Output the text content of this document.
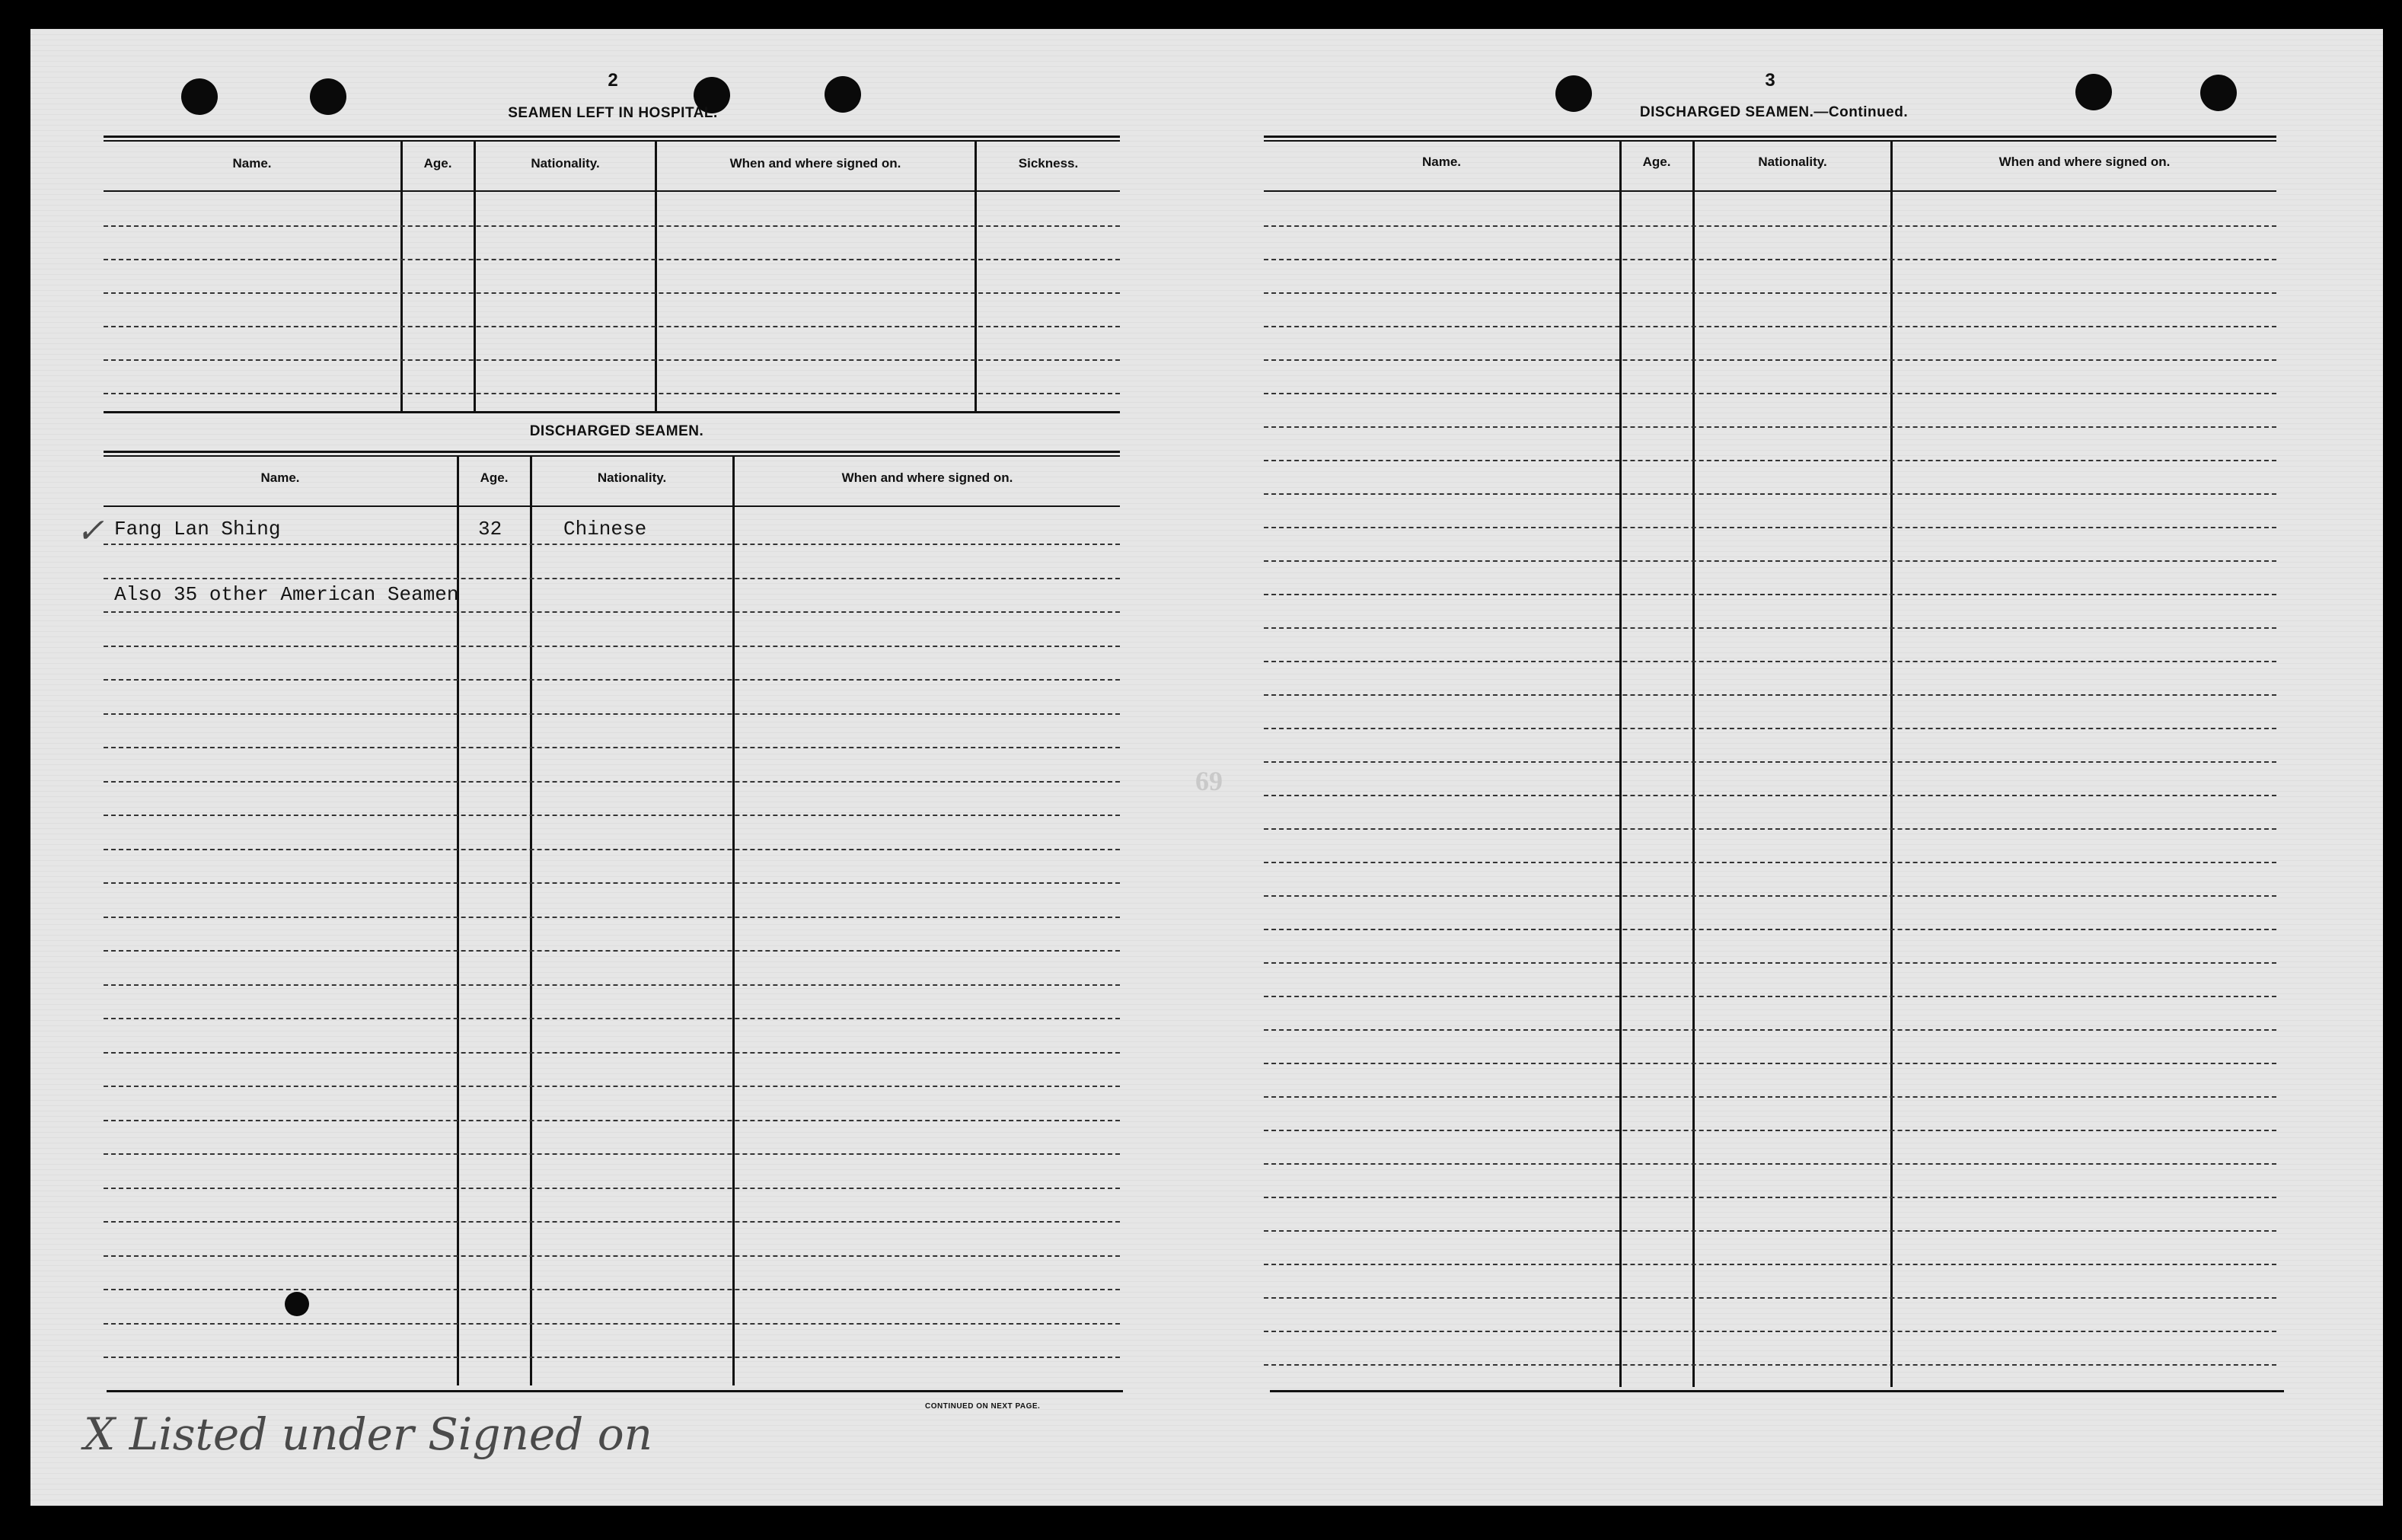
69
2
SEAMEN LEFT IN HOSPITAL.
Name.	Age.	Nationality.	When and where signed on.	Sickness.
DISCHARGED SEAMEN.
Name.	Age.	Nationality.	When and where signed on.
✓ Fang Lan Shing	32	Chinese
Also 35 other American Seamen
CONTINUED ON NEXT PAGE.
X Listed under Signed on
3
DISCHARGED SEAMEN.—Continued.
Name.	Age.	Nationality.	When and where signed on.
